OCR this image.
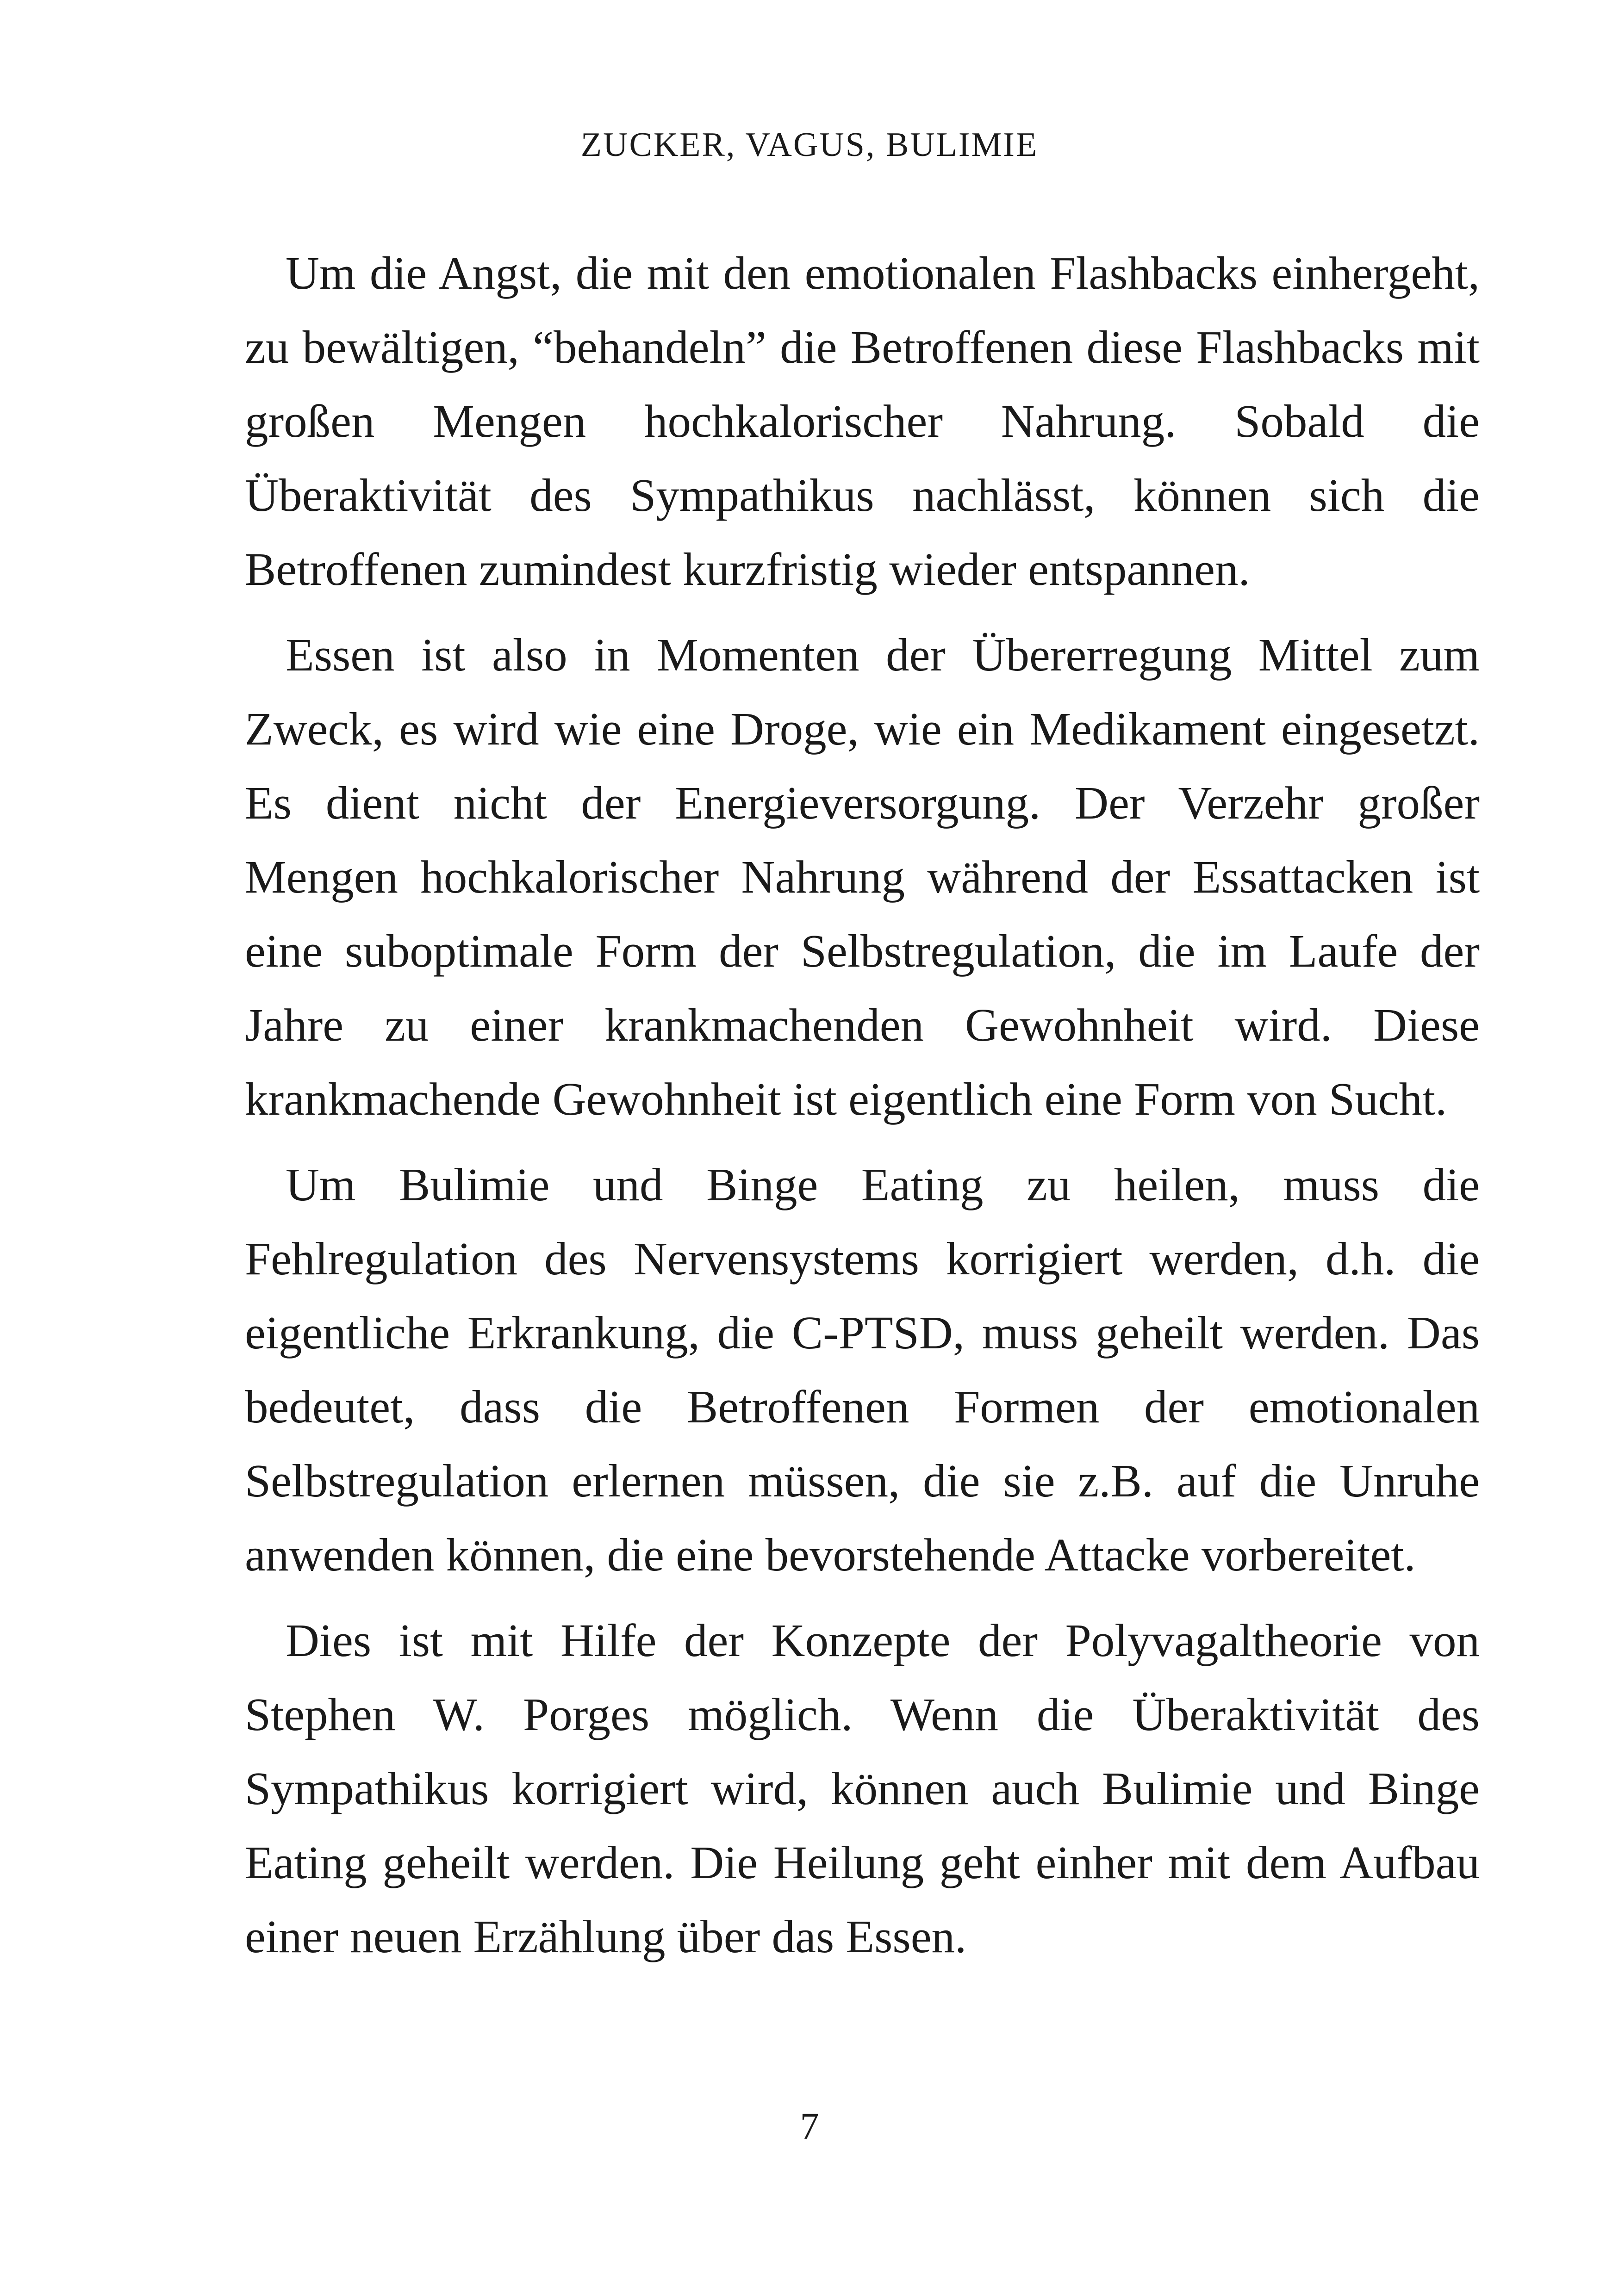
ZUCKER, VAGUS, BULIMIE

Um die Angst, die mit den emotionalen Flashbacks einhergeht, zu bewältigen, “behandeln” die Betroffenen diese Flashbacks mit großen Mengen hochkalorischer Nahrung. Sobald die Überaktivität des Sympathikus nachlässt, können sich die Betroffenen zumindest kurzfristig wieder entspannen.

Essen ist also in Momenten der Übererregung Mittel zum Zweck, es wird wie eine Droge, wie ein Medikament eingesetzt. Es dient nicht der Energieversorgung. Der Verzehr großer Mengen hochkalorischer Nahrung während der Essattacken ist eine suboptimale Form der Selbstregulation, die im Laufe der Jahre zu einer krankmachenden Gewohnheit wird. Diese krankmachende Gewohnheit ist eigentlich eine Form von Sucht.

Um Bulimie und Binge Eating zu heilen, muss die Fehlregulation des Nervensystems korrigiert werden, d.h. die eigentliche Erkrankung, die C-PTSD, muss geheilt werden. Das bedeutet, dass die Betroffenen Formen der emotionalen Selbstregulation erlernen müssen, die sie z.B. auf die Unruhe anwenden können, die eine bevorstehende Attacke vorbereitet.

Dies ist mit Hilfe der Konzepte der Polyvagaltheorie von Stephen W. Porges möglich. Wenn die Überaktivität des Sympathikus korrigiert wird, können auch Bulimie und Binge Eating geheilt werden. Die Heilung geht einher mit dem Aufbau einer neuen Erzählung über das Essen.

7
